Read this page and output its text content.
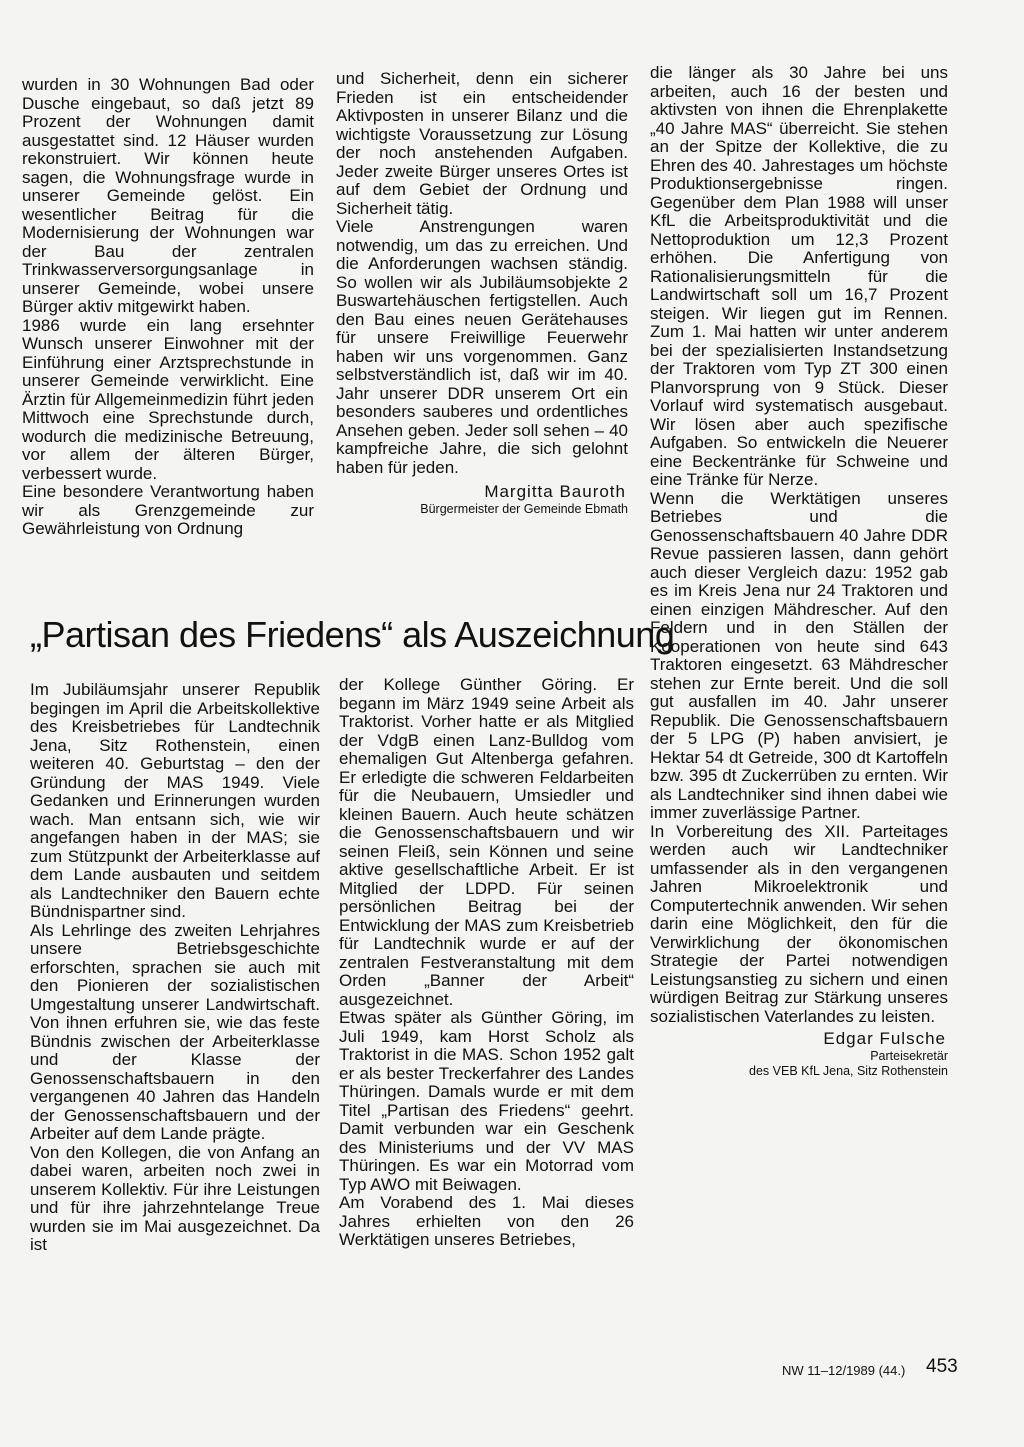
wurden in 30 Wohnungen Bad oder Dusche eingebaut, so daß jetzt 89 Prozent der Wohnungen damit ausgestattet sind. 12 Häuser wurden rekonstruiert. Wir können heute sagen, die Wohnungsfrage wurde in unserer Gemeinde gelöst. Ein wesentlicher Beitrag für die Modernisierung der Wohnungen war der Bau der zentralen Trinkwasserversorgungsanlage in unserer Gemeinde, wobei unsere Bürger aktiv mitgewirkt haben.

1986 wurde ein lang ersehnter Wunsch unserer Einwohner mit der Einführung einer Arztsprechstunde in unserer Gemeinde verwirklicht. Eine Ärztin für Allgemeinmedizin führt jeden Mittwoch eine Sprechstunde durch, wodurch die medizinische Betreuung, vor allem der älteren Bürger, verbessert wurde.

Eine besondere Verantwortung haben wir als Grenzgemeinde zur Gewährleistung von Ordnung

und Sicherheit, denn ein sicherer Frieden ist ein entscheidender Aktivposten in unserer Bilanz und die wichtigste Voraussetzung zur Lösung der noch anstehenden Aufgaben. Jeder zweite Bürger unseres Ortes ist auf dem Gebiet der Ordnung und Sicherheit tätig.

Viele Anstrengungen waren notwendig, um das zu erreichen. Und die Anforderungen wachsen ständig. So wollen wir als Jubiläumsobjekte 2 Buswartehäuschen fertigstellen. Auch den Bau eines neuen Gerätehauses für unsere Freiwillige Feuerwehr haben wir uns vorgenommen. Ganz selbstverständlich ist, daß wir im 40. Jahr unserer DDR unserem Ort ein besonders sauberes und ordentliches Ansehen geben. Jeder soll sehen – 40 kampfreiche Jahre, die sich gelohnt haben für jeden.

Margitta Bauroth
Bürgermeister der Gemeinde Ebmath
„Partisan des Friedens“ als Auszeichnung

Im Jubiläumsjahr unserer Republik begingen im April die Arbeitskollektive des Kreisbetriebes für Landtechnik Jena, Sitz Rothenstein, einen weiteren 40. Geburtstag – den der Gründung der MAS 1949. Viele Gedanken und Erinnerungen wurden wach. Man entsann sich, wie wir angefangen haben in der MAS; sie zum Stützpunkt der Arbeiterklasse auf dem Lande ausbauten und seitdem als Landtechniker den Bauern echte Bündnispartner sind.

Als Lehrlinge des zweiten Lehrjahres unsere Betriebsgeschichte erforschten, sprachen sie auch mit den Pionieren der sozialistischen Umgestaltung unserer Landwirtschaft. Von ihnen erfuhren sie, wie das feste Bündnis zwischen der Arbeiterklasse und der Klasse der Genossenschaftsbauern in den vergangenen 40 Jahren das Handeln der Genossenschaftsbauern und der Arbeiter auf dem Lande prägte.

Von den Kollegen, die von Anfang an dabei waren, arbeiten noch zwei in unserem Kollektiv. Für ihre Leistungen und für ihre jahrzehntelange Treue wurden sie im Mai ausgezeichnet. Da ist

der Kollege Günther Göring. Er begann im März 1949 seine Arbeit als Traktorist. Vorher hatte er als Mitglied der VdgB einen Lanz-Bulldog vom ehemaligen Gut Altenberga gefahren. Er erledigte die schweren Feldarbeiten für die Neubauern, Umsiedler und kleinen Bauern. Auch heute schätzen die Genossenschaftsbauern und wir seinen Fleiß, sein Können und seine aktive gesellschaftliche Arbeit. Er ist Mitglied der LDPD. Für seinen persönlichen Beitrag bei der Entwicklung der MAS zum Kreisbetrieb für Landtechnik wurde er auf der zentralen Festveranstaltung mit dem Orden „Banner der Arbeit“ ausgezeichnet.

Etwas später als Günther Göring, im Juli 1949, kam Horst Scholz als Traktorist in die MAS. Schon 1952 galt er als bester Treckerfahrer des Landes Thüringen. Damals wurde er mit dem Titel „Partisan des Friedens“ geehrt. Damit verbunden war ein Geschenk des Ministeriums und der VV MAS Thüringen. Es war ein Motorrad vom Typ AWO mit Beiwagen.

Am Vorabend des 1. Mai dieses Jahres erhielten von den 26 Werktätigen unseres Betriebes,

die länger als 30 Jahre bei uns arbeiten, auch 16 der besten und aktivsten von ihnen die Ehrenplakette „40 Jahre MAS“ überreicht. Sie stehen an der Spitze der Kollektive, die zu Ehren des 40. Jahrestages um höchste Produktionsergebnisse ringen. Gegenüber dem Plan 1988 will unser KfL die Arbeitsproduktivität und die Nettoproduktion um 12,3 Prozent erhöhen. Die Anfertigung von Rationalisierungsmitteln für die Landwirtschaft soll um 16,7 Prozent steigen. Wir liegen gut im Rennen. Zum 1. Mai hatten wir unter anderem bei der spezialisierten Instandsetzung der Traktoren vom Typ ZT 300 einen Planvorsprung von 9 Stück. Dieser Vorlauf wird systematisch ausgebaut. Wir lösen aber auch spezifische Aufgaben. So entwickeln die Neuerer eine Beckentränke für Schweine und eine Tränke für Nerze.

Wenn die Werktätigen unseres Betriebes und die Genossenschaftsbauern 40 Jahre DDR Revue passieren lassen, dann gehört auch dieser Vergleich dazu: 1952 gab es im Kreis Jena nur 24 Traktoren und einen einzigen Mähdrescher. Auf den Feldern und in den Ställen der Kooperationen von heute sind 643 Traktoren eingesetzt. 63 Mähdrescher stehen zur Ernte bereit. Und die soll gut ausfallen im 40. Jahr unserer Republik. Die Genossenschaftsbauern der 5 LPG (P) haben anvisiert, je Hektar 54 dt Getreide, 300 dt Kartoffeln bzw. 395 dt Zuckerrüben zu ernten. Wir als Landtechniker sind ihnen dabei wie immer zuverlässige Partner.

In Vorbereitung des XII. Parteitages werden auch wir Landtechniker umfassender als in den vergangenen Jahren Mikroelektronik und Computertechnik anwenden. Wir sehen darin eine Möglichkeit, den für die Verwirklichung der ökonomischen Strategie der Partei notwendigen Leistungsanstieg zu sichern und einen würdigen Beitrag zur Stärkung unseres sozialistischen Vaterlandes zu leisten.

Edgar Fulsche
Parteisekretär
des VEB KfL Jena, Sitz Rothenstein
NW 11–12/1989 (44.) 453
